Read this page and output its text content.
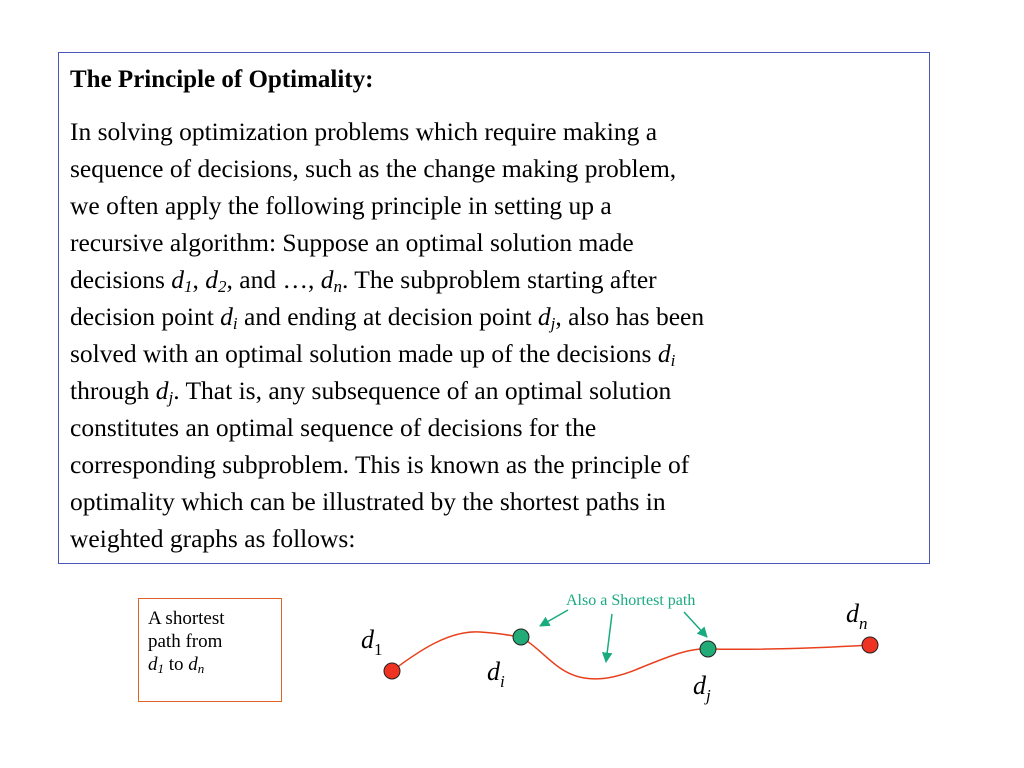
The Principle of Optimality:
In solving optimization problems which require making a
sequence of decisions, such as the change making problem,
we often apply the following principle in setting up a
recursive algorithm: Suppose an optimal solution made
decisions $d_1$, $d_2$, and …, $d_n$. The subproblem starting after
decision point $d_i$ and ending at decision point $d_j$, also has been
solved with an optimal solution made up of the decisions $d_i$
through $d_j$. That is, any subsequence of an optimal solution
constitutes an optimal sequence of decisions for the
corresponding subproblem. This is known as the principle of
optimality which can be illustrated by the shortest paths in
weighted graphs as follows:
A shortest
path from
$d_1$ to $d_n$
Also a Shortest path
$d_1$
$d_i$	$d_j$
$d_n$
